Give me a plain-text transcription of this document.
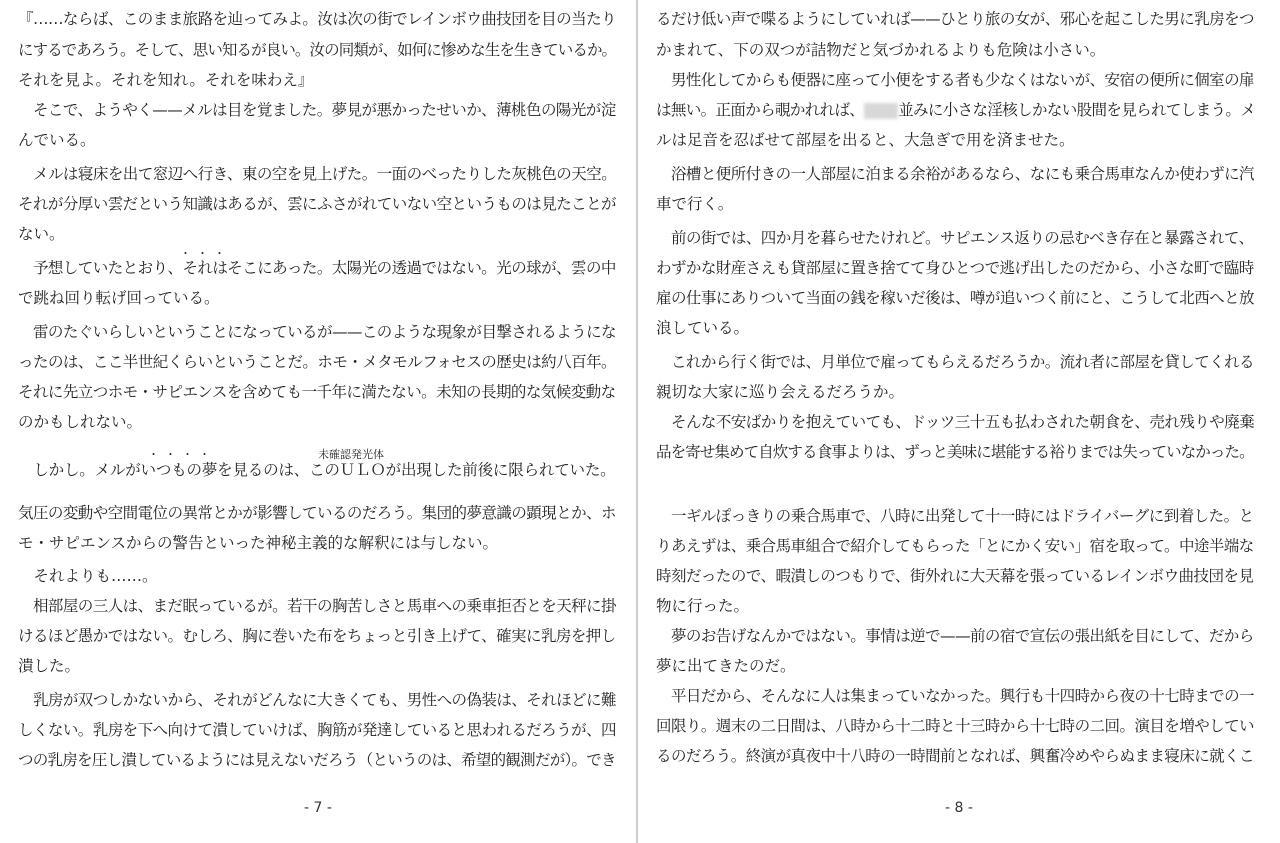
『……ならば、このまま旅路を辿ってみよ。汝は次の街でレインボウ曲技団を目の当たり
にするであろう。そして、思い知るが良い。汝の同類が、如何に惨めな生を生きているか。
それを見よ。それを知れ。それを味わえ』
　そこで、ようやく——メルは目を覚ました。夢見が悪かったせいか、薄桃色の陽光が淀
んでいる。
　メルは寝床を出て窓辺へ行き、東の空を見上げた。一面のべったりした灰桃色の天空。
それが分厚い雲だという知識はあるが、雲にふさがれていない空というものは見たことが
ない。
　予想していたとおり、それはそこにあった。太陽光の透過ではない。光の球が、雲の中
で跳ね回り転げ回っている。
　雷のたぐいらしいということになっているが——このような現象が目撃されるようにな
ったのは、ここ半世紀くらいということだ。ホモ・メタモルフォセスの歴史は約八百年。
それに先立つホモ・サピエンスを含めても一千年に満たない。未知の長期的な気候変動な
のかもしれない。
　しかし。メルがいつもの夢を見るのは、このＵＬＯが出現した前後に限られていた。
気圧の変動や空間電位の異常とかが影響しているのだろう。集団的夢意識の顕現とか、ホ
モ・サピエンスからの警告といった神秘主義的な解釈には与しない。
　それよりも……。
　相部屋の三人は、まだ眠っているが。若干の胸苦しさと馬車への乗車拒否とを天秤に掛
けるほど愚かではない。むしろ、胸に巻いた布をちょっと引き上げて、確実に乳房を押し
潰した。
　乳房が双つしかないから、それがどんなに大きくても、男性への偽装は、それほどに難
しくない。乳房を下へ向けて潰していけば、胸筋が発達していると思われるだろうが、四
つの乳房を圧し潰しているようには見えないだろう（というのは、希望的観測だが）。でき
・・・・	未確認発光体
・・・
- 7 -
るだけ低い声で喋るようにしていれば——ひとり旅の女が、邪心を起こした男に乳房をつ
かまれて、下の双つが詰物だと気づかれるよりも危険は小さい。
　男性化してからも便器に座って小便をする者も少なくはないが、安宿の便所に個室の扉
は無い。正面から覗かれれば、 並みに小さな淫核しかない股間を見られてしまう。メ
ルは足音を忍ばせて部屋を出ると、大急ぎで用を済ませた。
　浴槽と便所付きの一人部屋に泊まる余裕があるなら、なにも乗合馬車なんか使わずに汽
車で行く。
　前の街では、四か月を暮らせたけれど。サピエンス返りの忌むべき存在と暴露されて、
わずかな財産さえも貸部屋に置き捨てて身ひとつで逃げ出したのだから、小さな町で臨時
雇の仕事にありついて当面の銭を稼いだ後は、噂が追いつく前にと、こうして北西へと放
浪している。
　これから行く街では、月単位で雇ってもらえるだろうか。流れ者に部屋を貸してくれる
親切な大家に巡り会えるだろうか。
　そんな不安ばかりを抱えていても、ドッツ三十五も払わされた朝食を、売れ残りや廃棄
品を寄せ集めて自炊する食事よりは、ずっと美味に堪能する裕りまでは失っていなかった。
　一ギルぽっきりの乗合馬車で、八時に出発して十一時にはドライバーグに到着した。と
りあえずは、乗合馬車組合で紹介してもらった「とにかく安い」宿を取って。中途半端な
時刻だったので、暇潰しのつもりで、街外れに大天幕を張っているレインボウ曲技団を見
物に行った。
　夢のお告げなんかではない。事情は逆で——前の宿で宣伝の張出紙を目にして、だから
夢に出てきたのだ。
　平日だから、そんなに人は集まっていなかった。興行も十四時から夜の十七時までの一
回限り。週末の二日間は、八時から十二時と十三時から十七時の二回。演目を増やしてい
るのだろう。終演が真夜中十八時の一時間前となれば、興奮冷めやらぬまま寝床に就くこ
- 8 -
